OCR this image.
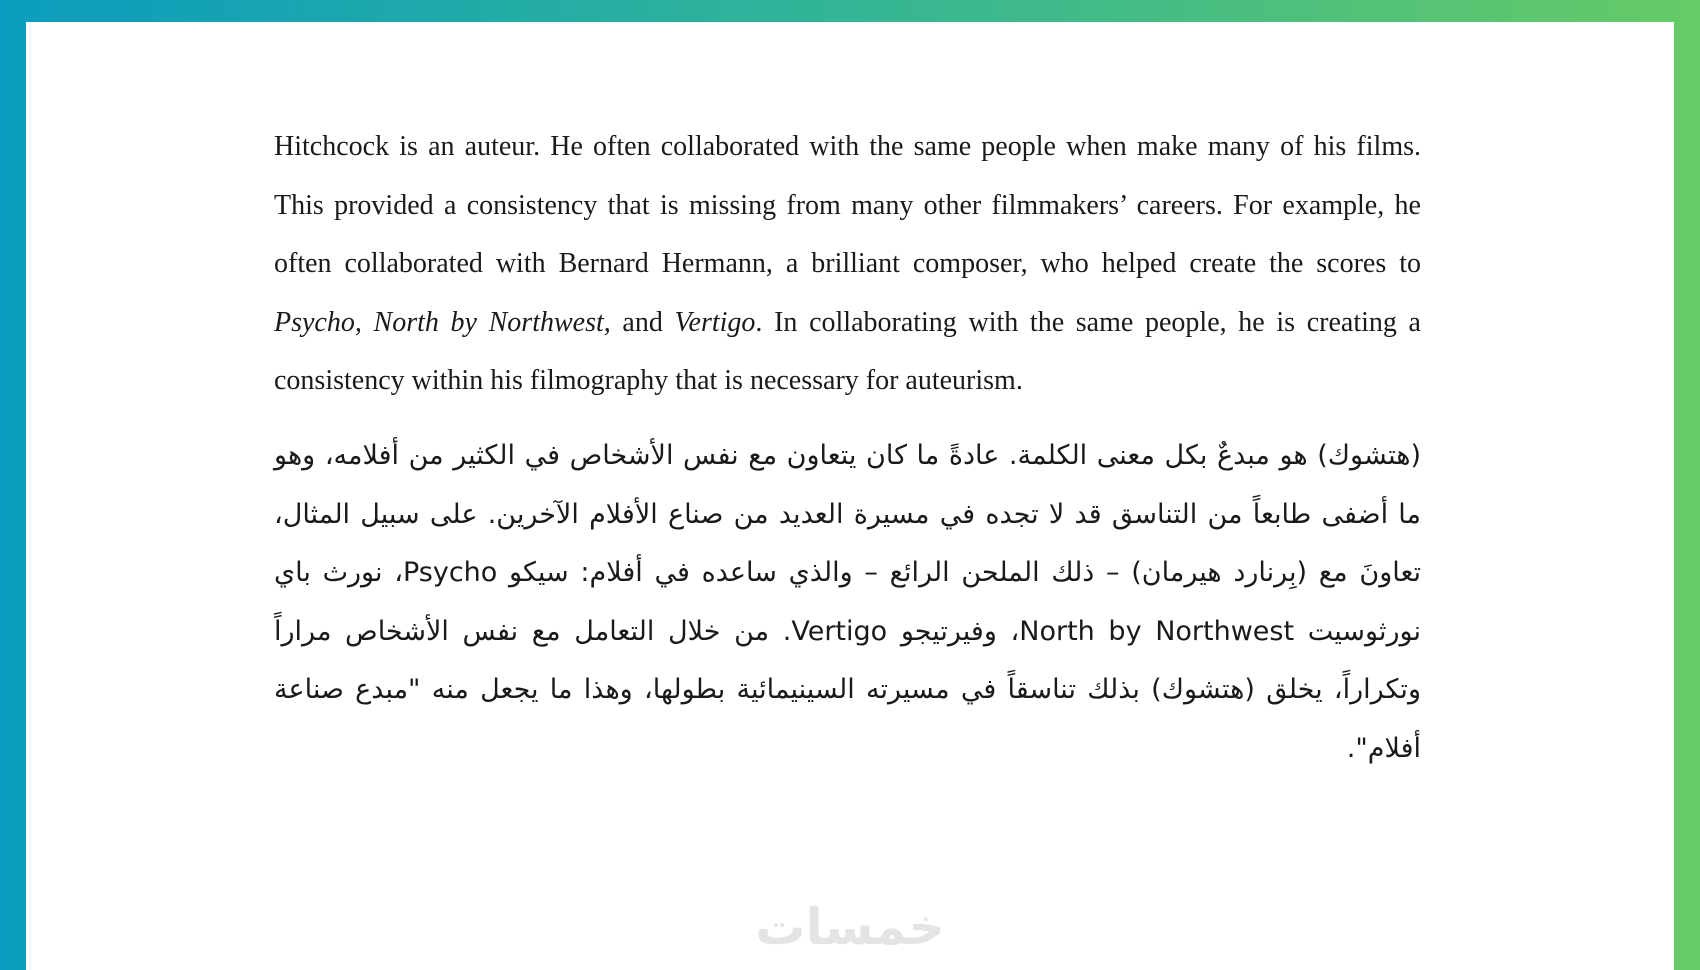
Hitchcock is an auteur. He often collaborated with the same people when make many of his films. This provided a consistency that is missing from many other filmmakers’ careers. For example, he often collaborated with Bernard Hermann, a brilliant composer, who helped create the scores to Psycho, North by Northwest, and Vertigo. In collaborating with the same people, he is creating a consistency within his filmography that is necessary for auteurism.

(هتشوك) هو مبدعٌ بكل معنى الكلمة. عادةً ما كان يتعاون مع نفس الأشخاص في الكثير من أفلامه، وهو ما أضفى طابعاً من التناسق قد لا تجده في مسيرة العديد من صناع الأفلام الآخرين. على سبيل المثال، تعاونَ مع (بِرنارد هيرمان) – ذلك الملحن الرائع – والذي ساعده في أفلام: سيكو Psycho، نورث باي نورثوسيت North by Northwest، وفيرتيجو Vertigo. من خلال التعامل مع نفس الأشخاص مراراً وتكراراً، يخلق (هتشوك) بذلك تناسقاً في مسيرته السينيمائية بطولها، وهذا ما يجعل منه "مبدع صناعة أفلام".

خمسات
